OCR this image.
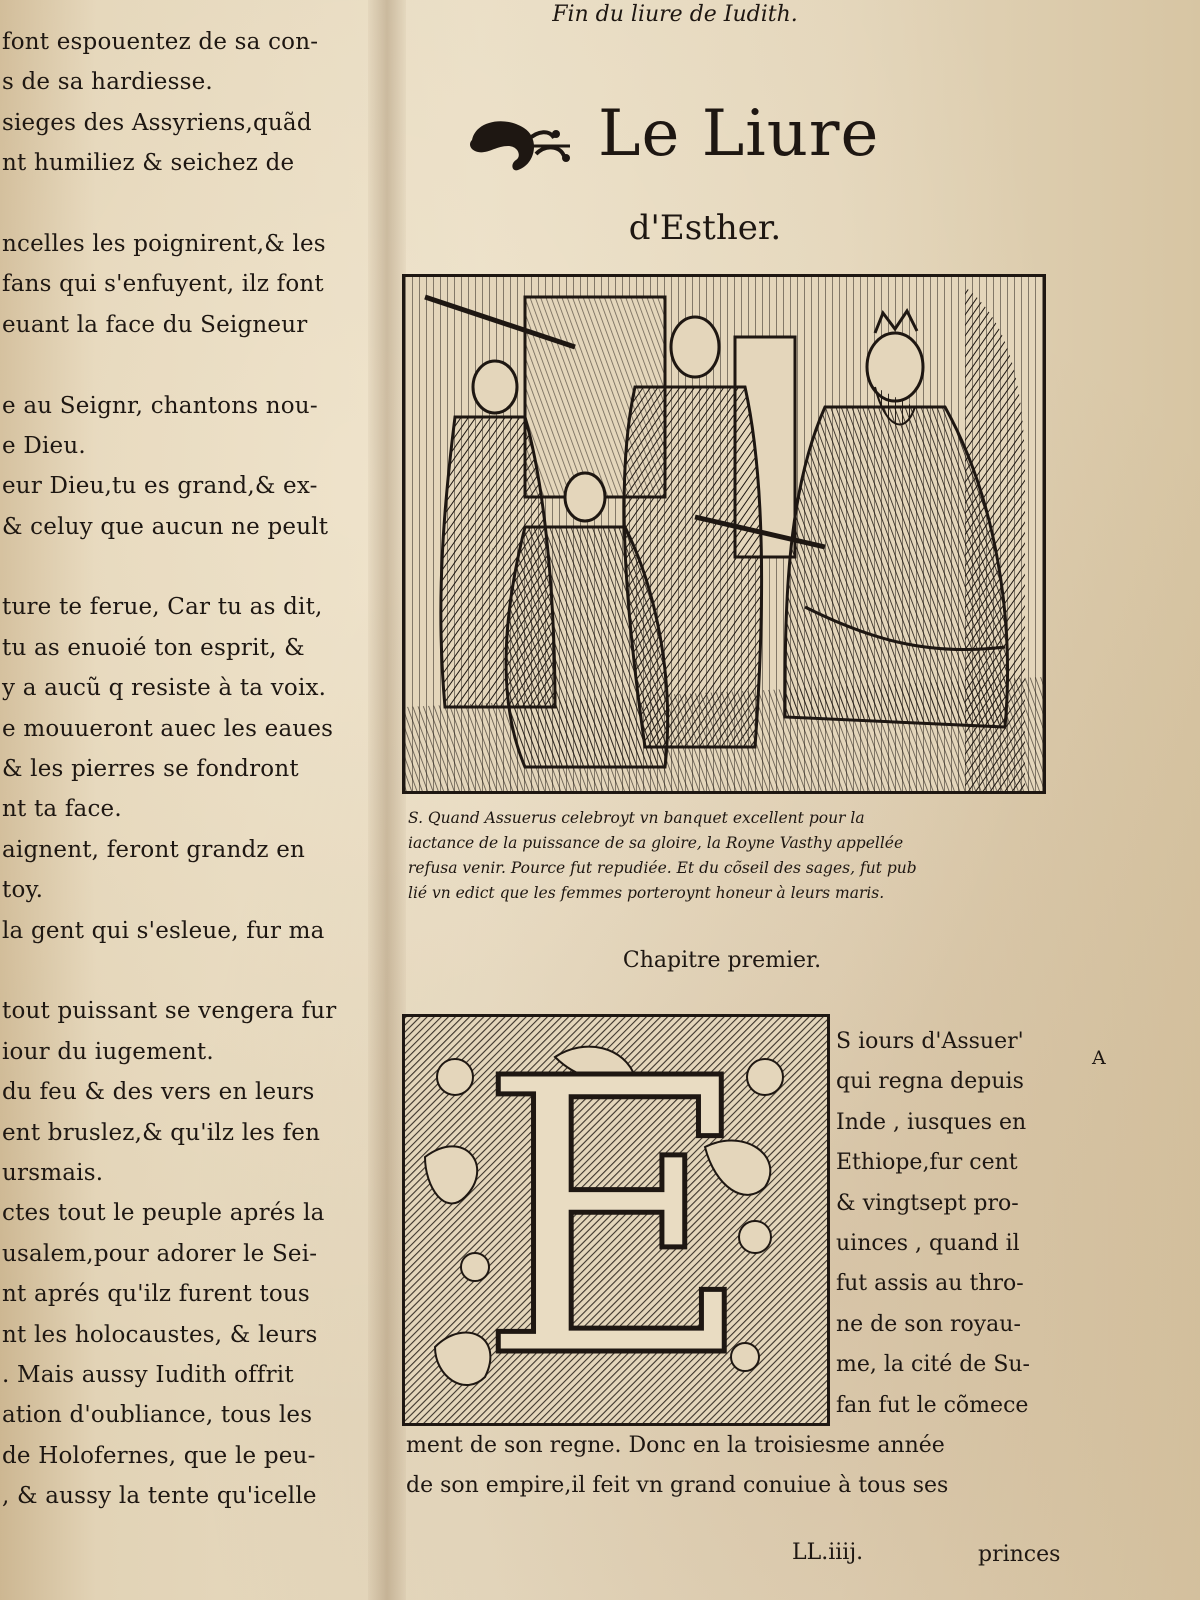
font espouentez de sa con-
s de sa hardiesse.
sieges des Assyriens,quãd
nt humiliez & seichez de

ncelles les poignirent,& les
fans qui s'enfuyent, ilz font
euant la face du Seigneur

e au Seignr, chantons nou-
e Dieu.
eur Dieu,tu es grand,& ex-
& celuy que aucun ne peult

ture te ferue, Car tu as dit,
tu as enuoié ton esprit, &
y a aucũ q resiste à ta voix.
e mouueront auec les eaues
& les pierres se fondront
nt ta face.
aignent, feront grandz en
toy.
la gent qui s'esleue, fur ma

tout puissant se vengera fur
iour du iugement.
du feu & des vers en leurs
ent bruslez,& qu'ilz les fen
ursmais.
ctes tout le peuple aprés la
usalem,pour adorer le Sei-
nt aprés qu'ilz furent tous
nt les holocaustes, & leurs
. Mais aussy Iudith offrit
ation d'oubliance, tous les
de Holofernes, que le peu-
, & aussy la tente qu'icelle
Fin du liure de Iudith.
Le Liure
d'Esther.
S. Quand Assuerus celebroyt vn banquet excellent pour la
iactance de la puissance de sa gloire, la Royne Vasthy appellée
refusa venir. Pource fut repudiée. Et du cõseil des sages, fut pub
lié vn edict que les femmes porteroynt honeur à leurs maris.
Chapitre premier.
E	S iours d'Assuer'
qui regna depuis
Inde , iusques en
Ethiope,fur cent
& vingtsept pro-
uinces , quand il
fut assis au thro-
ne de son royau-
me, la cité de Su-
fan fut le cõmece
ment de son regne. Donc en la troisiesme année
de son empire,il feit vn grand conuiue à tous ses
A
LL.iiij.	princes
